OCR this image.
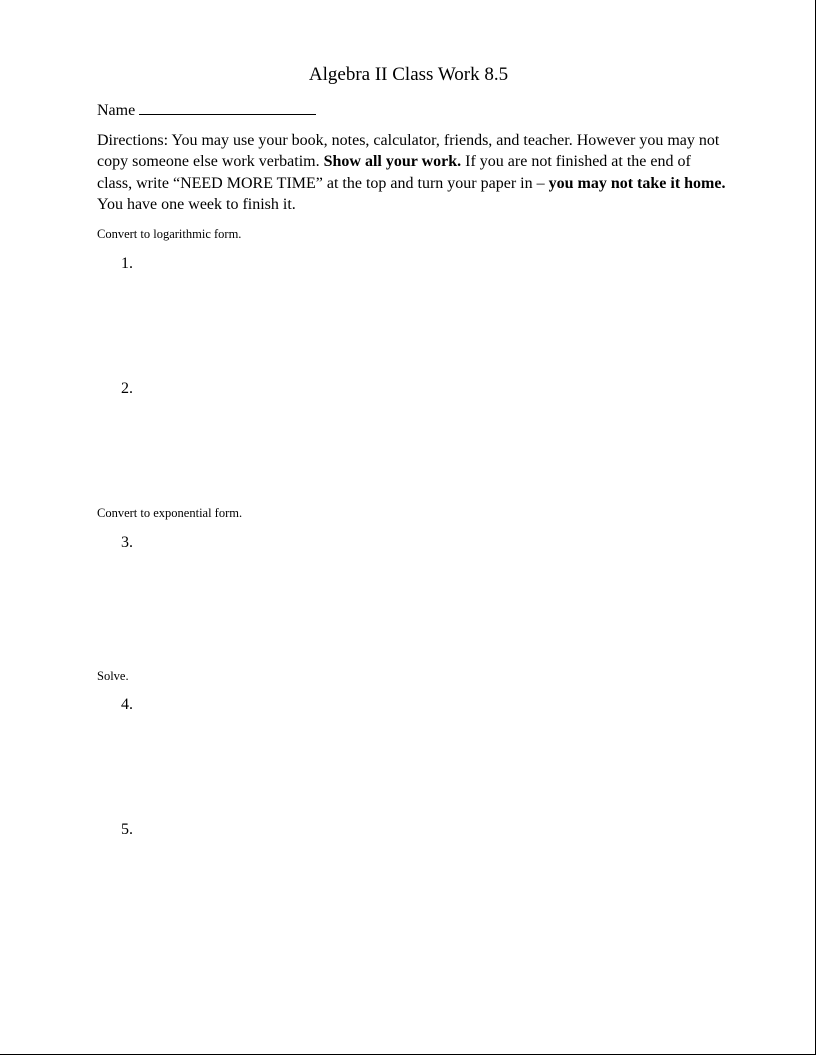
Algebra II Class Work 8.5
Name
Directions: You may use your book, notes, calculator, friends, and teacher. However you may not copy someone else work verbatim. Show all your work. If you are not finished at the end of class, write “NEED MORE TIME” at the top and turn your paper in – you may not take it home. You have one week to finish it.
Convert to logarithmic form.
1.
2.
Convert to exponential form.
3.
Solve.
4.
5.
